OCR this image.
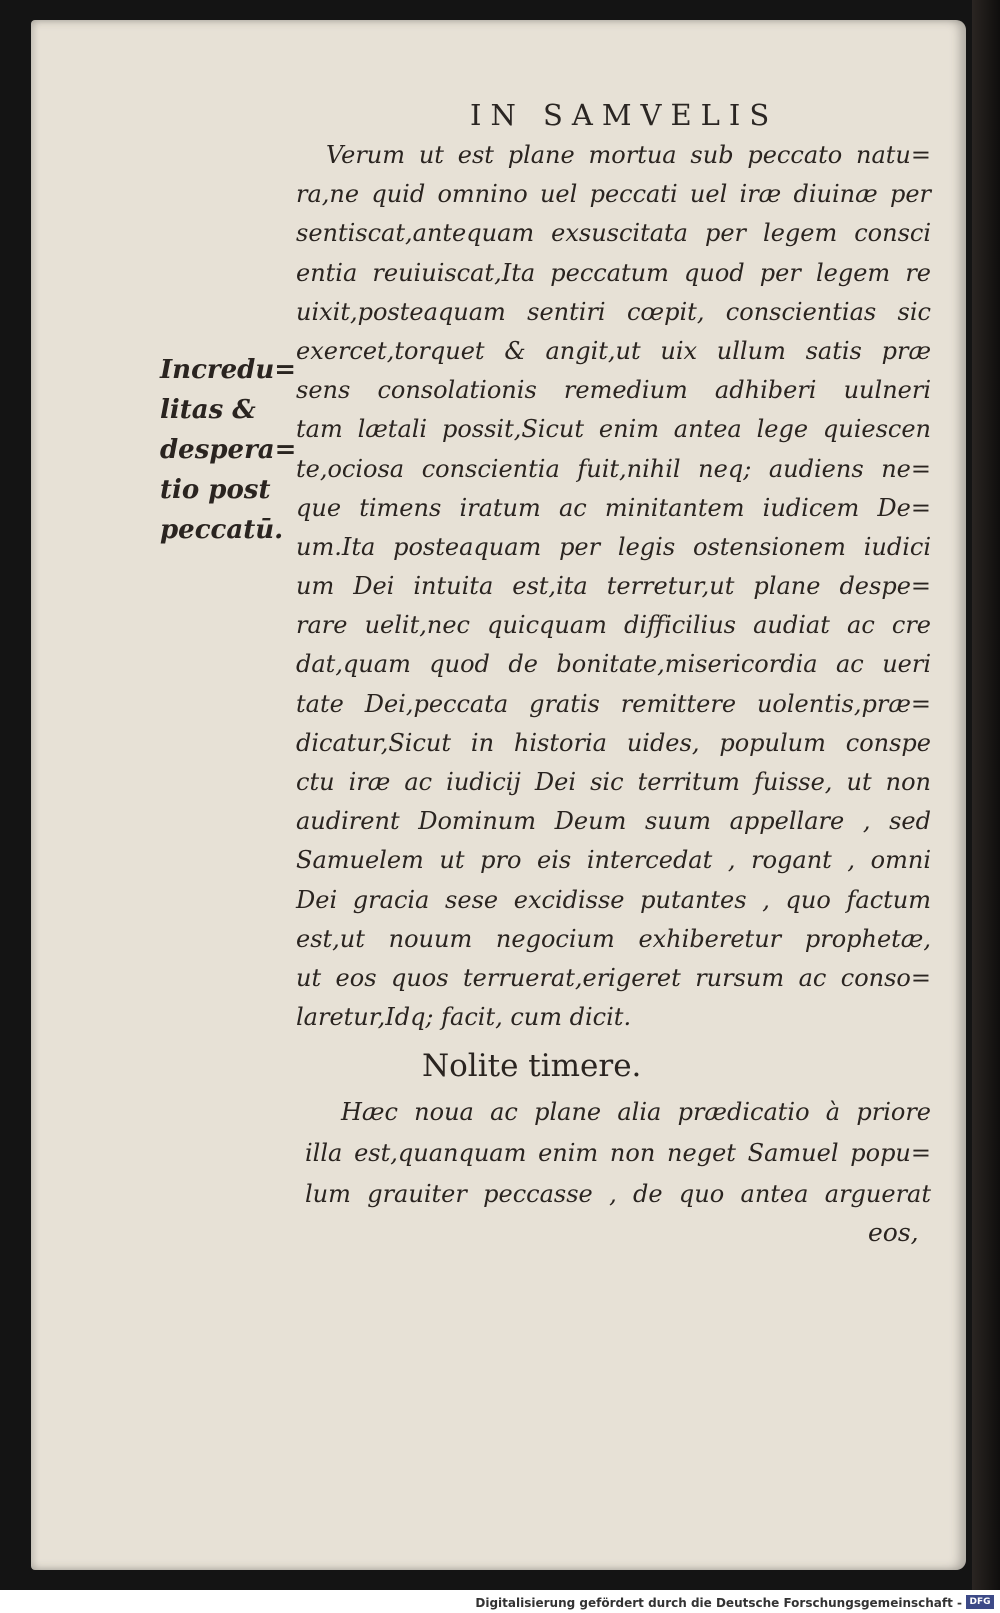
IN SAMVELIS
Incredu=
litas &
despera=
tio post
peccatū.
Verum ut est plane mortua sub peccato natu=
ra,ne quid omnino uel peccati uel iræ diuinæ per
sentiscat,antequam exsuscitata per legem consci
entia reuiuiscat,Ita peccatum quod per legem re
uixit,posteaquam sentiri cœpit, conscientias sic
exercet,torquet & angit,ut uix ullum satis præ
sens consolationis remedium adhiberi uulneri
tam lætali possit,Sicut enim antea lege quiescen
te,ociosa conscientia fuit,nihil neq; audiens ne=
que timens iratum ac minitantem iudicem De=
um.Ita posteaquam per legis ostensionem iudici
um Dei intuita est,ita terretur,ut plane despe=
rare uelit,nec quicquam difficilius audiat ac cre
dat,quam quod de bonitate,misericordia ac ueri
tate Dei,peccata gratis remittere uolentis,præ=
dicatur,Sicut in historia uides, populum conspe
ctu iræ ac iudicij Dei sic territum fuisse, ut non
audirent Dominum Deum suum appellare , sed
Samuelem ut pro eis intercedat , rogant , omni
Dei gracia sese excidisse putantes , quo factum
est,ut nouum negocium exhiberetur prophetæ,
ut eos quos terruerat,erigeret rursum ac conso=
laretur,Idq; facit, cum dicit.
Nolite timere.
Hæc noua ac plane alia prædicatio à priore
illa est,quanquam enim non neget Samuel popu=
lum grauiter peccasse , de quo antea arguerat
eos,
Digitalisierung gefördert durch die Deutsche Forschungsgemeinschaft - DFG
